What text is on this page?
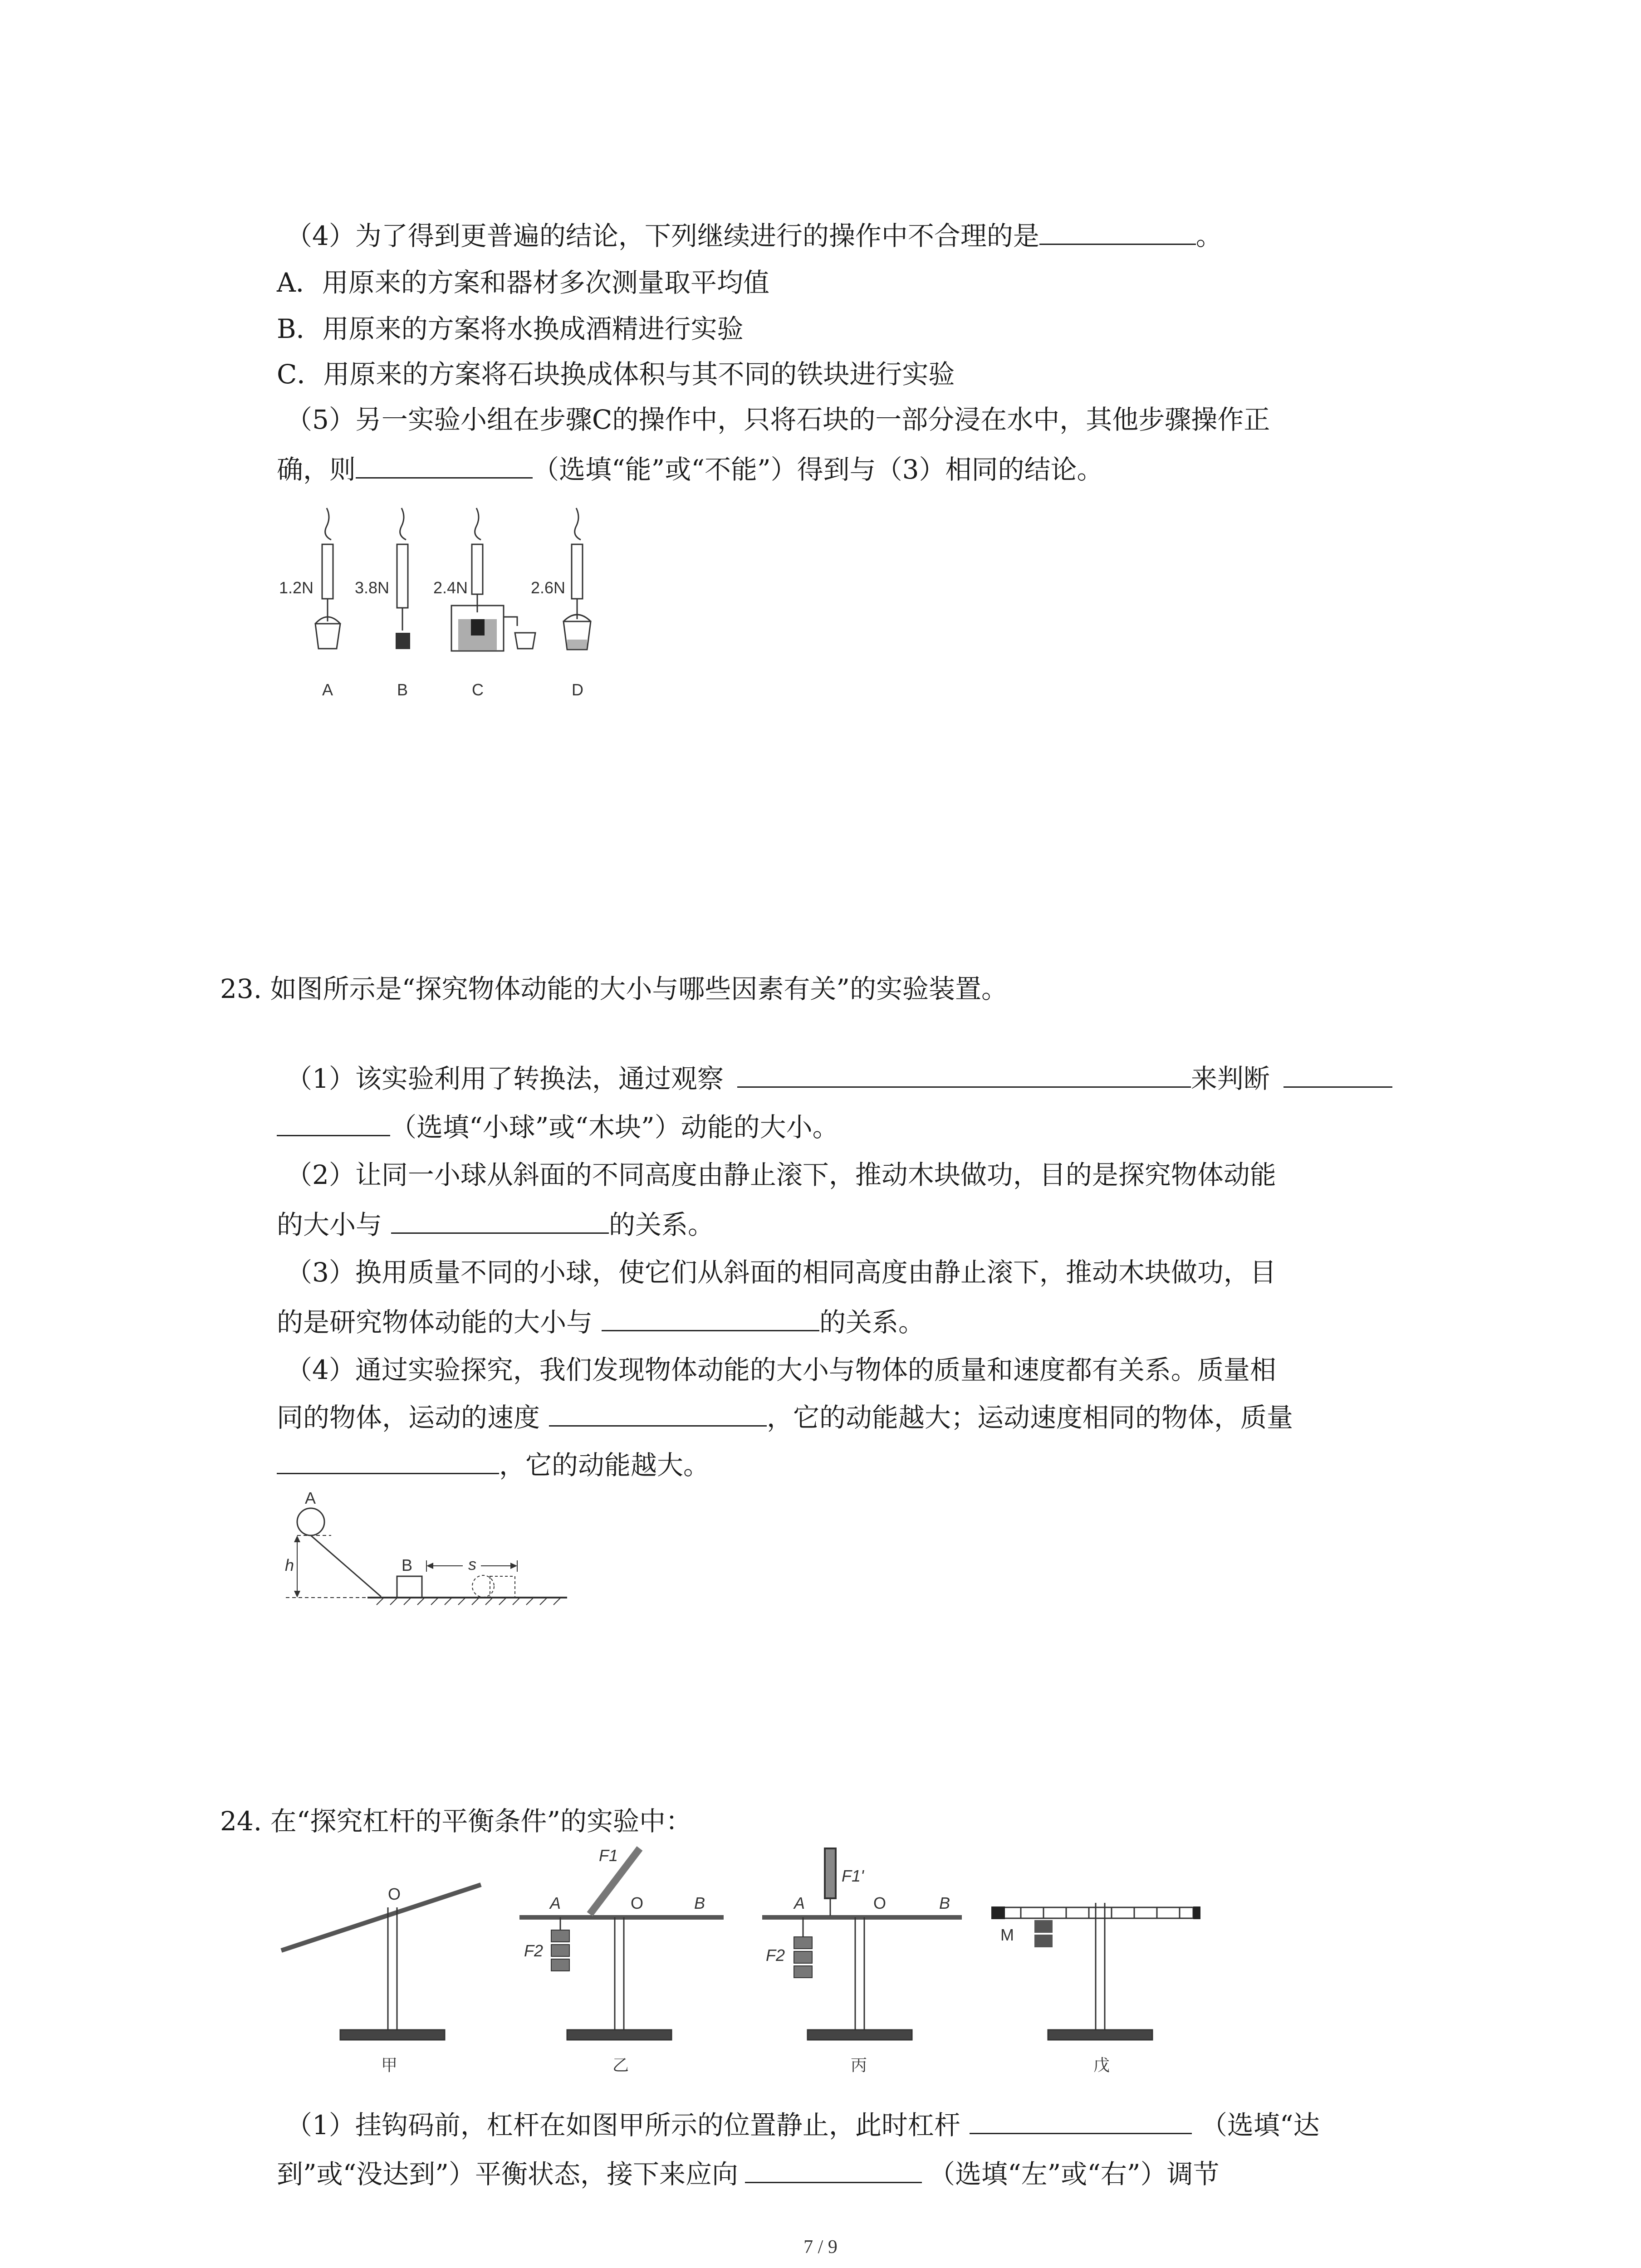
（4）为了得到更普遍的结论，下列继续进行的操作中不合理的是	。
A．用原来的方案和器材多次测量取平均值
B．用原来的方案将水换成酒精进行实验
C．用原来的方案将石块换成体积与其不同的铁块进行实验
（5）另一实验小组在步骤C的操作中，只将石块的一部分浸在水中，其他步骤操作正
确，则	（选填“能”或“不能”）得到与（3）相同的结论。
1.2N	3.8N	2.4N	2.6N
A	B	C	D
23. 如图所示是“探究物体动能的大小与哪些因素有关”的实验装置。
（1）该实验利用了转换法，通过观察	来判断
（选填“小球”或“木块”）动能的大小。
（2）让同一小球从斜面的不同高度由静止滚下，推动木块做功，目的是探究物体动能
的大小与	的关系。
（3）换用质量不同的小球，使它们从斜面的相同高度由静止滚下，推动木块做功，目
的是研究物体动能的大小与	的关系。
（4）通过实验探究，我们发现物体动能的大小与物体的质量和速度都有关系。质量相
同的物体，运动的速度	，它的动能越大；运动速度相同的物体，质量
，它的动能越大。
A
h	B	s
24. 在“探究杠杆的平衡条件”的实验中：
O
F1
A	O	B
F2
F1'
A	O	B
F2
M
甲	乙	丙	戊
（1）挂钩码前，杠杆在如图甲所示的位置静止，此时杠杆	（选填“达
到”或“没达到”）平衡状态，接下来应向	（选填“左”或“右”）调节
7 / 9
